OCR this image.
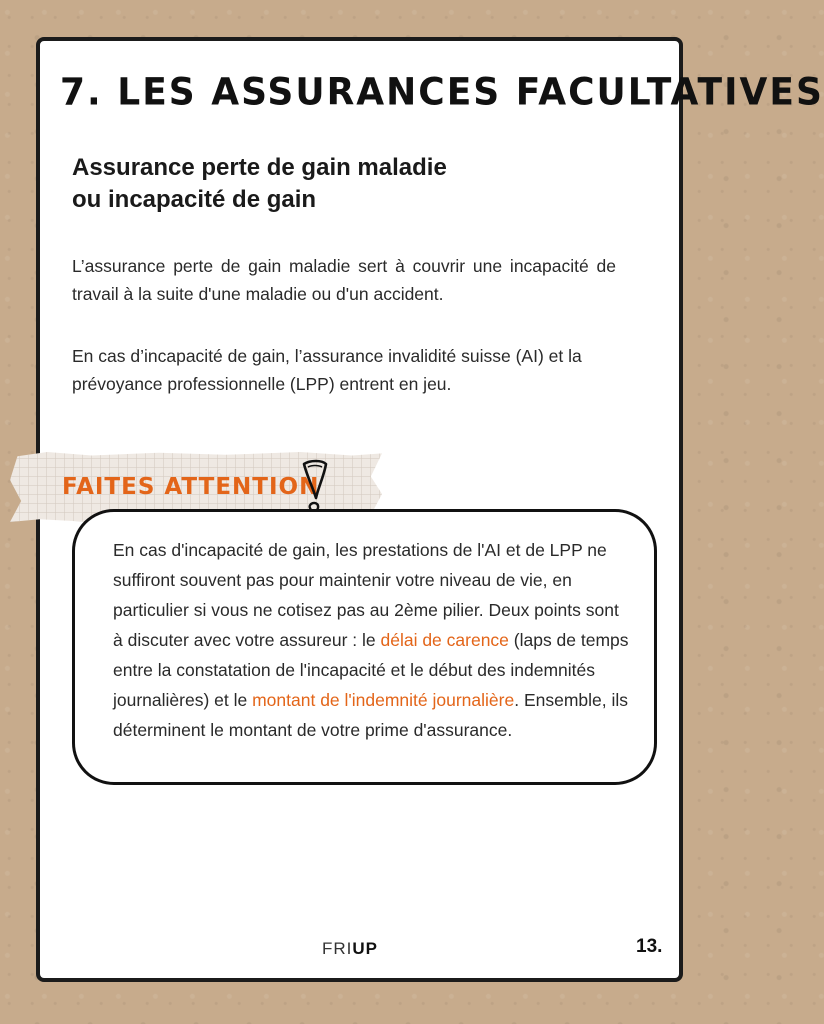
7. LES ASSURANCES FACULTATIVES
Assurance perte de gain maladie
ou incapacité de gain

L’assurance perte de gain maladie sert à couvrir une incapacité de travail à la suite d'une maladie ou d'un accident.

En cas d’incapacité de gain, l’assurance invalidité suisse (AI) et la prévoyance professionnelle (LPP) entrent en jeu.

FAITES ATTENTION

En cas d'incapacité de gain, les prestations de l'AI et de LPP ne suffiront souvent pas pour maintenir votre niveau de vie, en particulier si vous ne cotisez pas au 2ème pilier. Deux points sont à discuter avec votre assureur : le délai de carence (laps de temps entre la constatation de l'incapacité et le début des indemnités journalières) et le montant de l'indemnité journalière. Ensemble, ils déterminent le montant de votre prime d'assurance.

FRIUP	13.
